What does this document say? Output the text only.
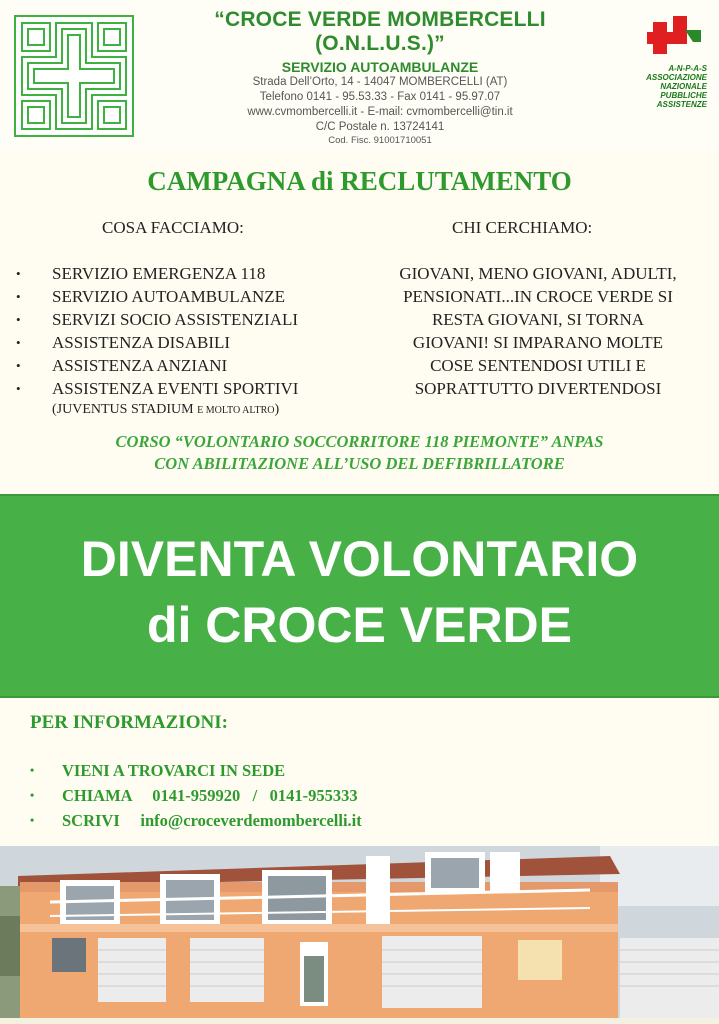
“CROCE VERDE MOMBERCELLI (O.N.L.U.S.)”
SERVIZIO AUTOAMBULANZE
Strada Dell’Orto, 14 - 14047 MOMBERCELLI (AT)
Telefono 0141 - 95.53.33 - Fax 0141 - 95.97.07
www.cvmombercelli.it - E-mail: cvmombercelli@tin.it
C/C Postale n. 13724141
Cod. Fisc. 91001710051
A-N-P-A-S
ASSOCIAZIONE
NAZIONALE
PUBBLICHE
ASSISTENZE
CAMPAGNA di RECLUTAMENTO
COSA FACCIAMO:	CHI CERCHIAMO:
• SERVIZIO EMERGENZA 118
• SERVIZIO AUTOAMBULANZE
• SERVIZI SOCIO ASSISTENZIALI
• ASSISTENZA DISABILI
• ASSISTENZA ANZIANI
• ASSISTENZA EVENTI SPORTIVI
(JUVENTUS STADIUM E MOLTO ALTRO)
GIOVANI, MENO GIOVANI, ADULTI,
PENSIONATI...IN CROCE VERDE SI
RESTA GIOVANI, SI TORNA
GIOVANI! SI IMPARANO MOLTE
COSE SENTENDOSI UTILI E
SOPRATTUTTO DIVERTENDOSI
CORSO “VOLONTARIO SOCCORRITORE 118 PIEMONTE” ANPAS
CON ABILITAZIONE ALL’USO DEL DEFIBRILLATORE
DIVENTA VOLONTARIO
di CROCE VERDE
PER INFORMAZIONI:
• VIENI A TROVARCI IN SEDE
• CHIAMA     0141-959920   /   0141-955333
• SCRIVI     info@croceverdemombercelli.it
